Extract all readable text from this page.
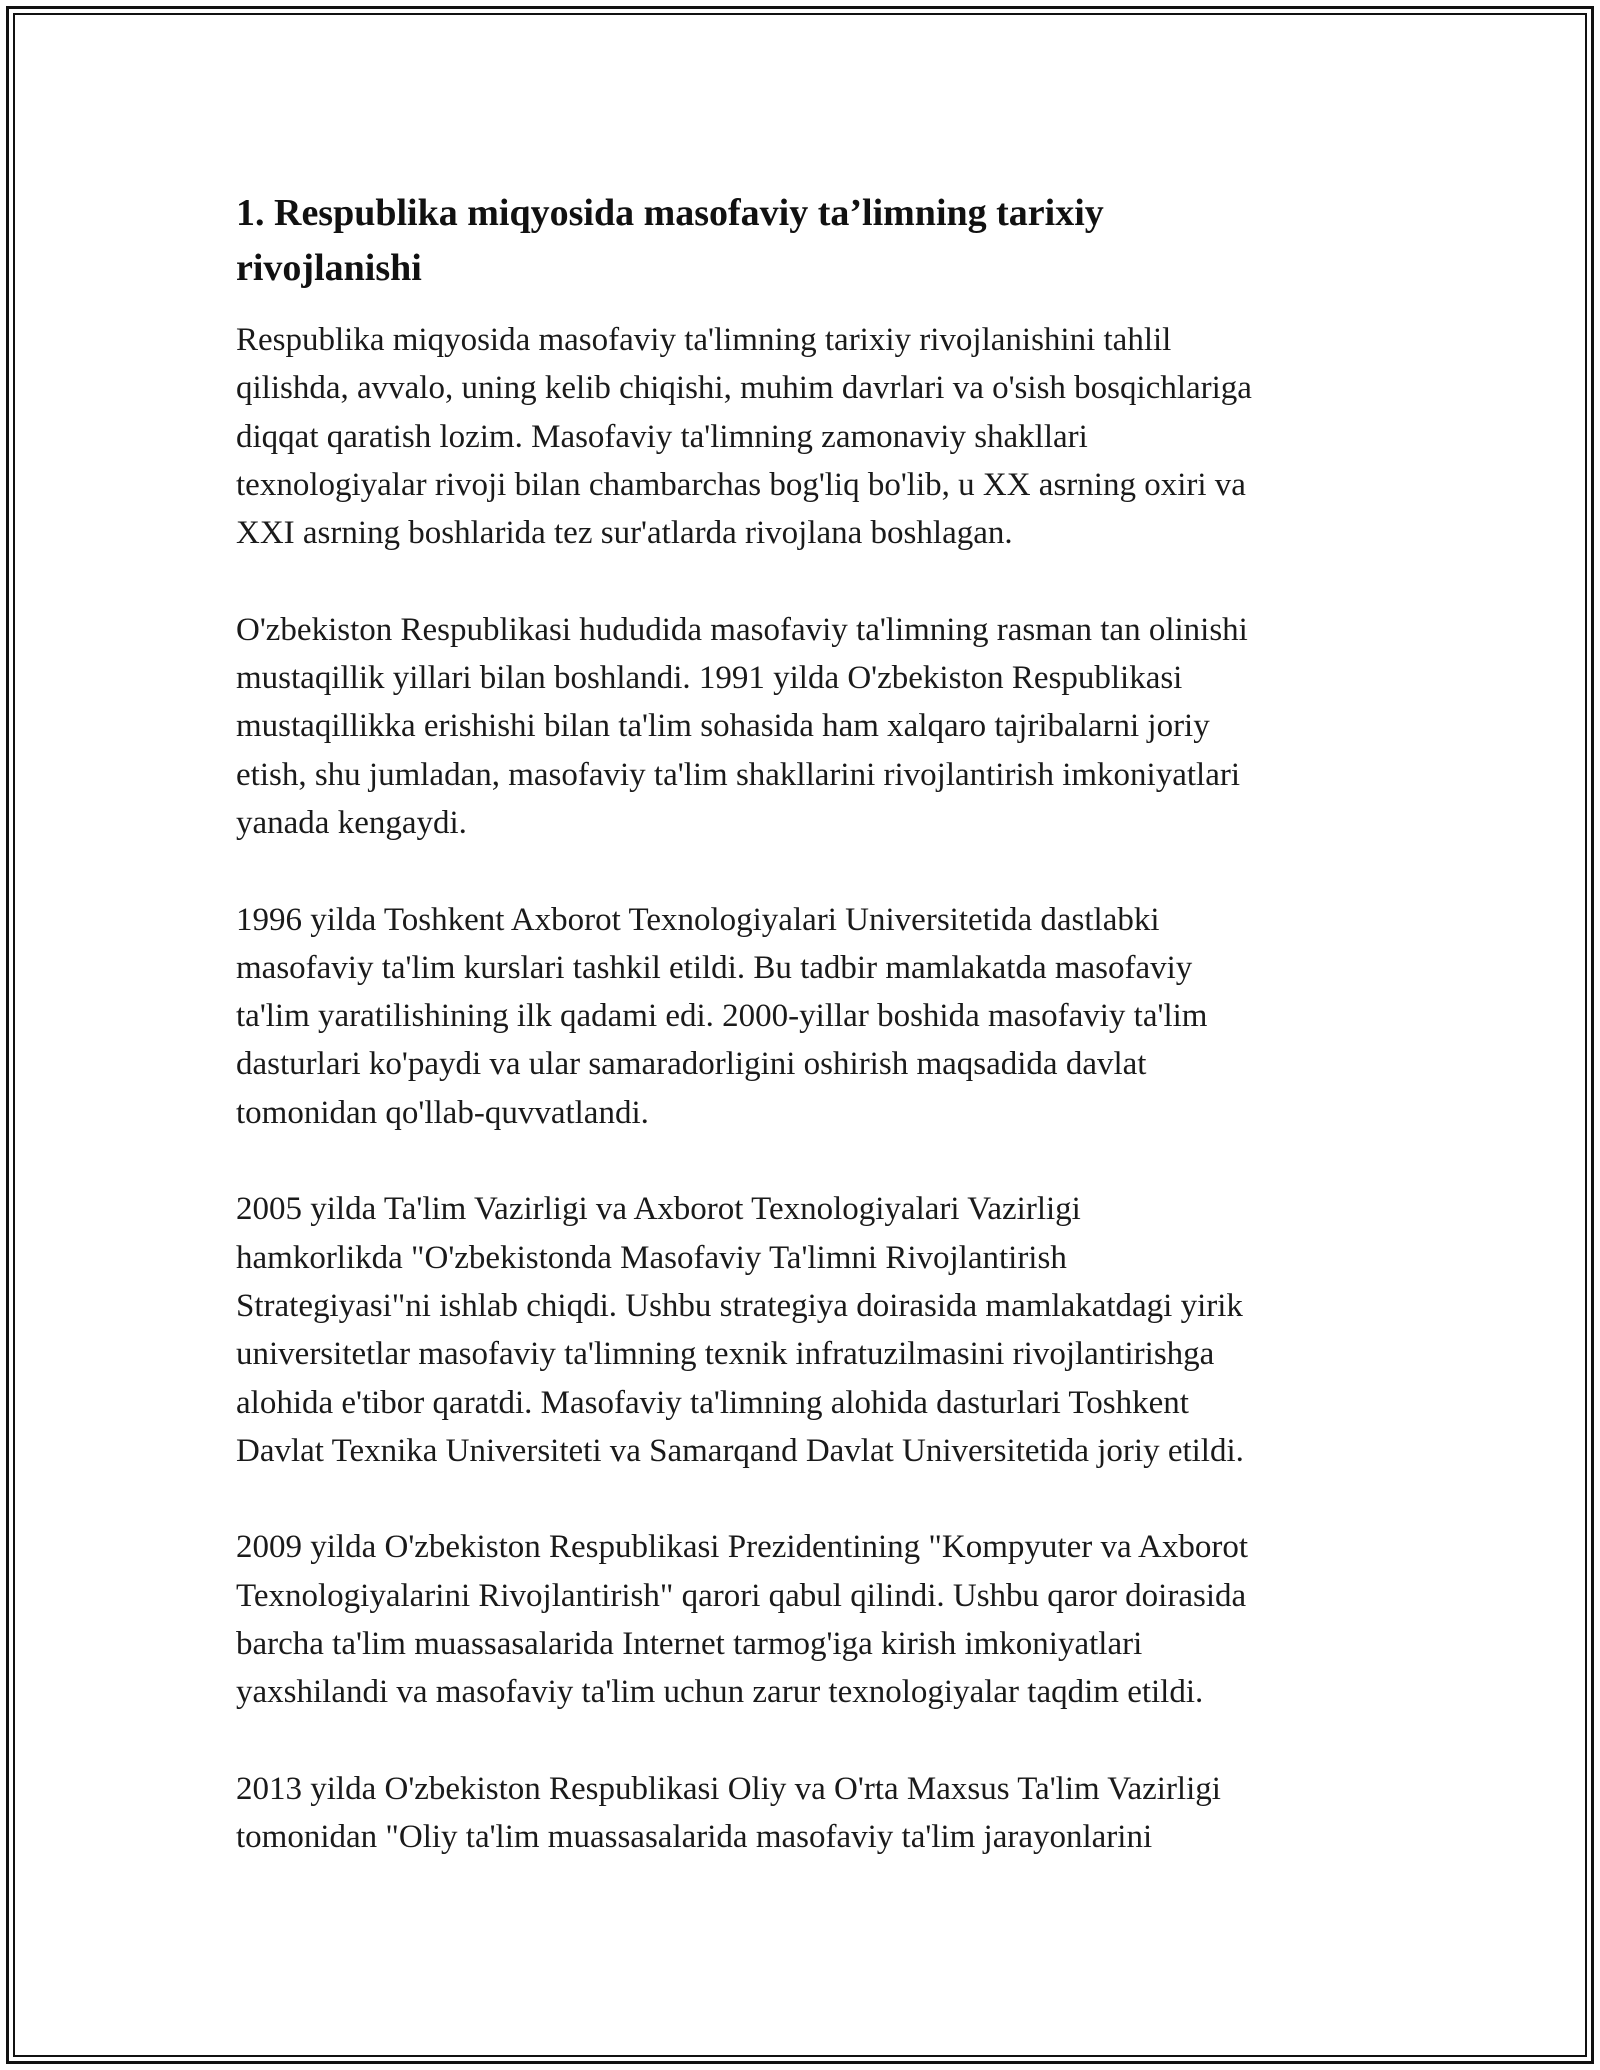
1. Respublika miqyosida masofaviy ta’limning tarixiy
rivojlanishi

Respublika miqyosida masofaviy ta'limning tarixiy rivojlanishini tahlil
qilishda, avvalo, uning kelib chiqishi, muhim davrlari va o'sish bosqichlariga
diqqat qaratish lozim. Masofaviy ta'limning zamonaviy shakllari
texnologiyalar rivoji bilan chambarchas bog'liq bo'lib, u XX asrning oxiri va
XXI asrning boshlarida tez sur'atlarda rivojlana boshlagan.

O'zbekiston Respublikasi hududida masofaviy ta'limning rasman tan olinishi
mustaqillik yillari bilan boshlandi. 1991 yilda O'zbekiston Respublikasi
mustaqillikka erishishi bilan ta'lim sohasida ham xalqaro tajribalarni joriy
etish, shu jumladan, masofaviy ta'lim shakllarini rivojlantirish imkoniyatlari
yanada kengaydi.

1996 yilda Toshkent Axborot Texnologiyalari Universitetida dastlabki
masofaviy ta'lim kurslari tashkil etildi. Bu tadbir mamlakatda masofaviy
ta'lim yaratilishining ilk qadami edi. 2000-yillar boshida masofaviy ta'lim
dasturlari ko'paydi va ular samaradorligini oshirish maqsadida davlat
tomonidan qo'llab-quvvatlandi.

2005 yilda Ta'lim Vazirligi va Axborot Texnologiyalari Vazirligi
hamkorlikda "O'zbekistonda Masofaviy Ta'limni Rivojlantirish
Strategiyasi"ni ishlab chiqdi. Ushbu strategiya doirasida mamlakatdagi yirik
universitetlar masofaviy ta'limning texnik infratuzilmasini rivojlantirishga
alohida e'tibor qaratdi. Masofaviy ta'limning alohida dasturlari Toshkent
Davlat Texnika Universiteti va Samarqand Davlat Universitetida joriy etildi.

2009 yilda O'zbekiston Respublikasi Prezidentining "Kompyuter va Axborot
Texnologiyalarini Rivojlantirish" qarori qabul qilindi. Ushbu qaror doirasida
barcha ta'lim muassasalarida Internet tarmog'iga kirish imkoniyatlari
yaxshilandi va masofaviy ta'lim uchun zarur texnologiyalar taqdim etildi.

2013 yilda O'zbekiston Respublikasi Oliy va O'rta Maxsus Ta'lim Vazirligi
tomonidan "Oliy ta'lim muassasalarida masofaviy ta'lim jarayonlarini
